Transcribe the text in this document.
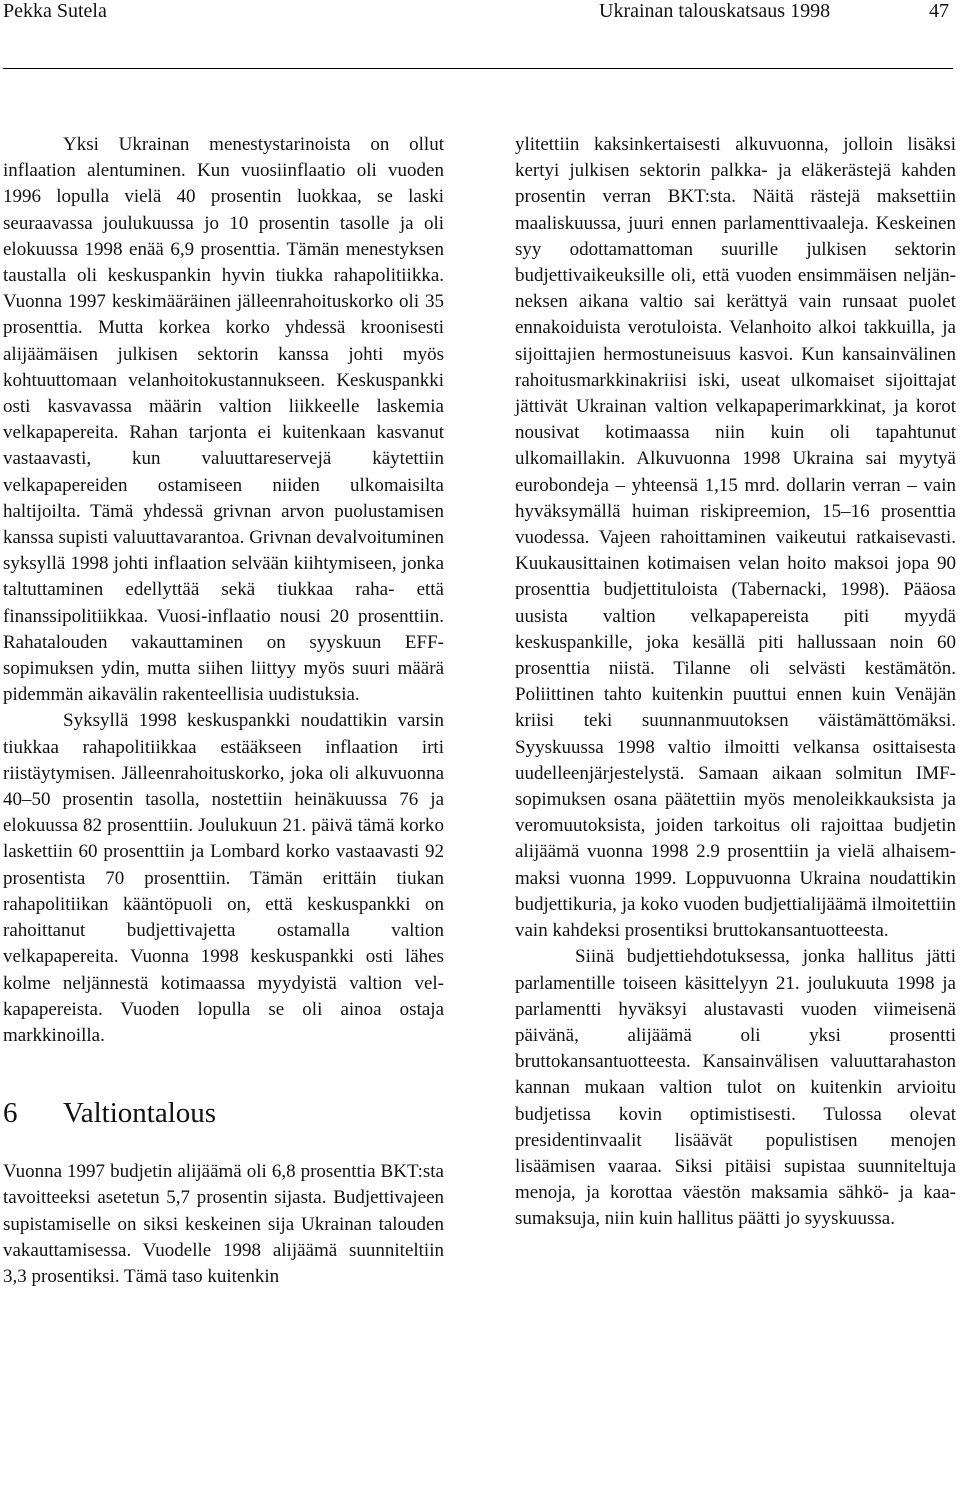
Pekka Sutela	Ukrainan talouskatsaus 1998	47

Yksi Ukrainan menestystarinoista on ollut inflaation alentuminen. Kun vuosiinflaatio oli vuoden 1996 lopulla vielä 40 prosentin luokkaa, se laski seuraavassa joulukuussa jo 10 prosentin tasolle ja oli elokuussa 1998 enää 6,9 prosenttia. Tämän menestyksen taustalla oli keskuspankin hyvin tiukka rahapolitiikka. Vuonna 1997 keskimääräinen jälleenrahoituskorko oli 35 prosenttia. Mutta korkea korko yhdessä kroonisesti alijäämäisen julkisen sektorin kanssa johti myös kohtuuttomaan velanhoitokustannukseen. Keskuspankki osti kasvavassa määrin valtion liikkeelle laskemia velkapapereita. Rahan tarjonta ei kuitenkaan kasvanut vastaavasti, kun valuuttareservejä käytettiin velkapapereiden ostamiseen niiden ulkomaisilta haltijoilta. Tämä yhdessä grivnan arvon puolustamisen kanssa supisti valuuttavarantoa. Grivnan devalvoituminen syksyllä 1998 johti inflaation selvään kiihtymiseen, jonka taltuttaminen edellyttää sekä tiukkaa raha- että finanssipolitiikkaa. Vuosi-inflaatio nousi 20 prosenttiin. Rahatalouden vakauttaminen on syyskuun EFF-sopimuksen ydin, mutta siihen liittyy myös suuri määrä pidemmän aikavälin rakenteellisia uudistuksia.

Syksyllä 1998 keskuspankki noudattikin varsin tiukkaa rahapolitiikkaa estääkseen inflaation irti riistäytymisen. Jälleenrahoituskorko, joka oli alkuvuonna 40–50 prosentin tasolla, nostettiin heinäkuussa 76 ja elokuussa 82 prosenttiin. Joulukuun 21. päivä tämä korko laskettiin 60 prosenttiin ja Lombard korko vastaavasti 92 prosentista 70 prosenttiin. Tämän erittäin tiukan rahapolitiikan kääntöpuoli on, että keskuspankki on rahoittanut budjettivajetta ostamalla valtion velkapapereita. Vuonna 1998 keskuspankki osti lähes kolme neljännestä kotimaassa myydyistä valtion velkapapereista. Vuoden lopulla se oli ainoa ostaja markkinoilla.

6 Valtiontalous

Vuonna 1997 budjetin alijäämä oli 6,8 prosenttia BKT:sta tavoitteeksi asetetun 5,7 prosentin sijasta. Budjettivajeen supistamiselle on siksi keskeinen sija Ukrainan talouden vakauttamisessa. Vuodelle 1998 alijäämä suunniteltiin 3,3 prosentiksi. Tämä taso kuitenkin

ylitettiin kaksinkertaisesti alkuvuonna, jolloin lisäksi kertyi julkisen sektorin palkka- ja eläkerästejä kahden prosentin verran BKT:sta. Näitä rästejä maksettiin maaliskuussa, juuri ennen parlamenttivaaleja. Keskeinen syy odottamattoman suurille julkisen sektorin budjettivaikeuksille oli, että vuoden ensimmäisen neljänneksen aikana valtio sai kerättyä vain runsaat puolet ennakoiduista verotuloista. Velanhoito alkoi takkuilla, ja sijoittajien hermostuneisuus kasvoi. Kun kansainvälinen rahoitusmarkkinakriisi iski, useat ulkomaiset sijoittajat jättivät Ukrainan valtion velkapaperimarkkinat, ja korot nousivat kotimaassa niin kuin oli tapahtunut ulkomaillakin. Alkuvuonna 1998 Ukraina sai myytyä eurobondeja – yhteensä 1,15 mrd. dollarin verran – vain hyväksymällä huiman riskipreemion, 15–16 prosenttia vuodessa. Vajeen rahoittaminen vaikeutui ratkaisevasti. Kuukausittainen kotimaisen velan hoito maksoi jopa 90 prosenttia budjettituloista (Tabernacki, 1998). Pääosa uusista valtion velkapapereista piti myydä keskuspankille, joka kesällä piti hallussaan noin 60 prosenttia niistä. Tilanne oli selvästi kestämätön. Poliittinen tahto kuitenkin puuttui ennen kuin Venäjän kriisi teki suunnanmuutoksen väistämättömäksi. Syyskuussa 1998 valtio ilmoitti velkansa osittaisesta uudelleenjärjestelystä. Samaan aikaan solmitun IMF-sopimuksen osana päätettiin myös menoleikkauksista ja veromuutoksista, joiden tarkoitus oli rajoittaa budjetin alijäämä vuonna 1998 2.9 prosenttiin ja vielä alhaisemmaksi vuonna 1999. Loppuvuonna Ukraina noudattikin budjettikuria, ja koko vuoden budjettialijäämä ilmoitettiin vain kahdeksi prosentiksi bruttokansantuotteesta.

Siinä budjettiehdotuksessa, jonka hallitus jätti parlamentille toiseen käsittelyyn 21. joulukuuta 1998 ja parlamentti hyväksyi alustavasti vuoden viimeisenä päivänä, alijäämä oli yksi prosentti bruttokansantuotteesta. Kansainvälisen valuuttarahaston kannan mukaan valtion tulot on kuitenkin arvioitu budjetissa kovin optimistisesti. Tulossa olevat presidentinvaalit lisäävät populistisen menojen lisäämisen vaaraa. Siksi pitäisi supistaa suunniteltuja menoja, ja korottaa väestön maksamia sähkö- ja kaasumaksuja, niin kuin hallitus päätti jo syyskuussa.
